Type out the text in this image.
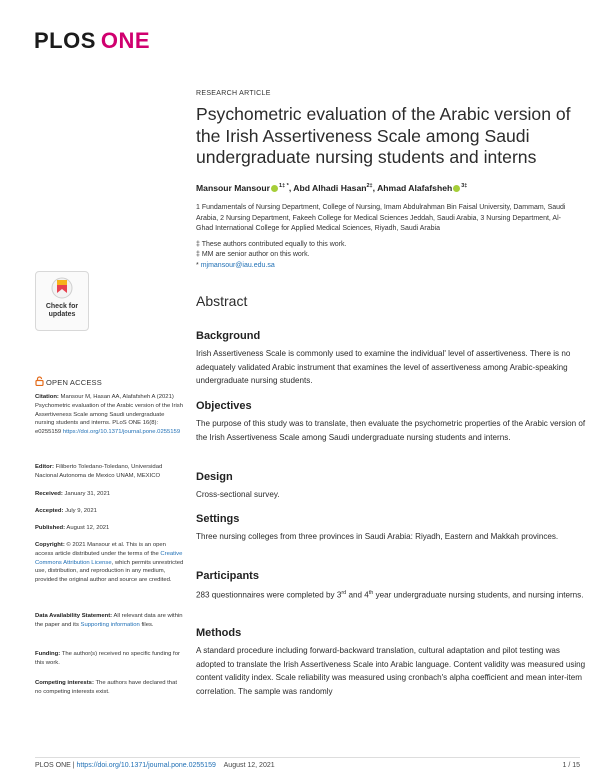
PLOS ONE
RESEARCH ARTICLE
Psychometric evaluation of the Arabic version of the Irish Assertiveness Scale among Saudi undergraduate nursing students and interns
Mansour Mansour $^{1\ddagger *}$, Abd Alhadi Hasan$^{2\ddagger}$, Ahmad Alafafsheh $^{3\ddagger}$
1 Fundamentals of Nursing Department, College of Nursing, Imam Abdulrahman Bin Faisal University, Dammam, Saudi Arabia, 2 Nursing Department, Fakeeh College for Medical Sciences Jeddah, Saudi Arabia, 3 Nursing Department, Al-Ghad International College for Applied Medical Sciences, Riyadh, Saudi Arabia
‡ These authors contributed equally to this work.
‡ MM are senior author on this work.
* mjmansour@iau.edu.sa
Check for
updates
OPEN ACCESS
Citation: Mansour M, Hasan AA, Alafafsheh A (2021) Psychometric evaluation of the Arabic version of the Irish Assertiveness Scale among Saudi undergraduate nursing students and interns. PLoS ONE 16(8): e0255159 https://doi.org/10.1371/journal.pone.0255159
Editor: Filiberto Toledano-Toledano, Universidad Nacional Autonoma de Mexico UNAM, MEXICO
Received: January 31, 2021
Accepted: July 9, 2021
Published: August 12, 2021
Copyright: © 2021 Mansour et al. This is an open access article distributed under the terms of the Creative Commons Attribution License, which permits unrestricted use, distribution, and reproduction in any medium, provided the original author and source are credited.
Data Availability Statement: All relevant data are within the paper and its Supporting information files.
Funding: The author(s) received no specific funding for this work.
Competing interests: The authors have declared that no competing interests exist.
Abstract
Background
Irish Assertiveness Scale is commonly used to examine the individual' level of assertiveness. There is no adequately validated Arabic instrument that examines the level of assertiveness among Arabic-speaking undergraduate nursing students.
Objectives
The purpose of this study was to translate, then evaluate the psychometric properties of the Arabic version of the Irish Assertiveness Scale among Saudi undergraduate nursing students and interns.
Design
Cross-sectional survey.
Settings
Three nursing colleges from three provinces in Saudi Arabia: Riyadh, Eastern and Makkah provinces.
Participants
283 questionnaires were completed by 3rd and 4th year undergraduate nursing students, and nursing interns.
Methods
A standard procedure including forward-backward translation, cultural adaptation and pilot testing was adopted to translate the Irish Assertiveness Scale into Arabic language. Content validity was measured using content validity index. Scale reliability was measured using cronbach's alpha coefficient and mean inter-item correlation. The sample was randomly
PLOS ONE | https://doi.org/10.1371/journal.pone.0255159 August 12, 2021	1 / 15
